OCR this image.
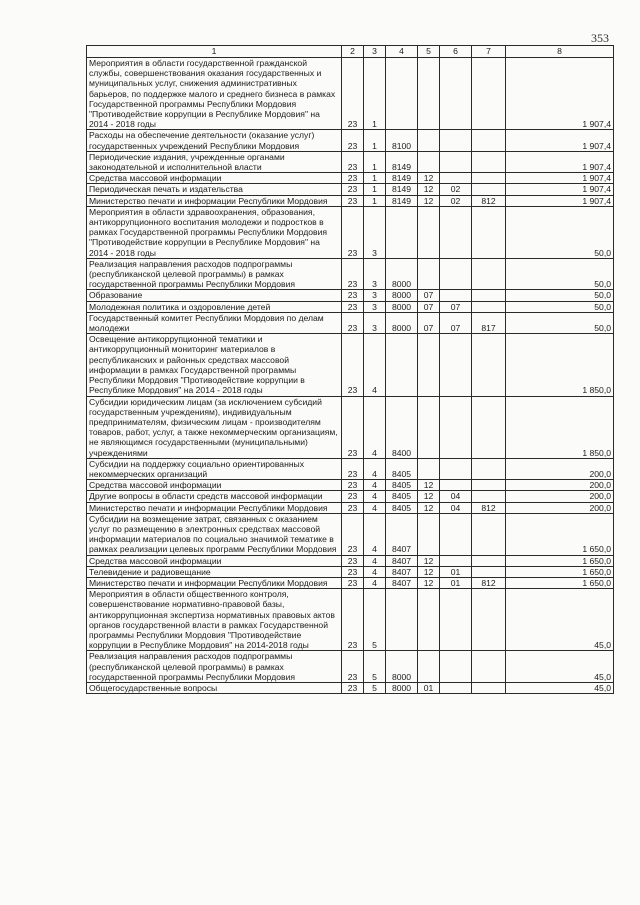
353
1	2	3	4	5	6	7	8
Мероприятия в области государственной гражданской службы, совершенствования оказания государственных и муниципальных услуг, снижения административных барьеров, по поддержке малого и среднего бизнеса в рамках Государственной программы Республики Мордовия "Противодействие коррупции в Республике Мордовия" на 2014 - 2018 годы	23	1					1 907,4
Расходы на обеспечение деятельности (оказание услуг) государственных учреждений Республики Мордовия	23	1	8100				1 907,4
Периодические издания, учрежденные органами законодательной и исполнительной власти	23	1	8149				1 907,4
Средства массовой информации	23	1	8149	12			1 907,4
Периодическая печать и издательства	23	1	8149	12	02		1 907,4
Министерство печати и информации Республики Мордовия	23	1	8149	12	02	812	1 907,4
Мероприятия в области здравоохранения, образования, антикоррупционного воспитания молодежи и подростков в рамках Государственной программы Республики Мордовия "Противодействие коррупции в Республике Мордовия" на 2014 - 2018 годы	23	3					50,0
Реализация направления расходов подпрограммы (республиканской целевой программы) в рамках государственной программы Республики Мордовия	23	3	8000				50,0
Образование	23	3	8000	07			50,0
Молодежная политика и оздоровление детей	23	3	8000	07	07		50,0
Государственный комитет Республики Мордовия по делам молодежи	23	3	8000	07	07	817	50,0
Освещение антикоррупционной тематики и антикоррупционный мониторинг материалов в республиканских и районных средствах массовой информации в рамках Государственной программы Республики Мордовия "Противодействие коррупции в Республике Мордовия" на 2014 - 2018 годы	23	4					1 850,0
Субсидии юридическим лицам (за исключением субсидий государственным учреждениям), индивидуальным предпринимателям, физическим лицам - производителям товаров, работ, услуг, а также некоммерческим организациям, не являющимся государственными (муниципальными) учреждениями	23	4	8400				1 850,0
Субсидии на поддержку социально ориентированных некоммерческих организаций	23	4	8405				200,0
Средства массовой информации	23	4	8405	12			200,0
Другие вопросы в области средств массовой информации	23	4	8405	12	04		200,0
Министерство печати и информации Республики Мордовия	23	4	8405	12	04	812	200,0
Субсидии на возмещение затрат, связанных с оказанием услуг по размещению в электронных средствах массовой информации материалов по социально значимой тематике в рамках реализации целевых программ Республики Мордовия	23	4	8407				1 650,0
Средства массовой информации	23	4	8407	12			1 650,0
Телевидение и радиовещание	23	4	8407	12	01		1 650,0
Министерство печати и информации Республики Мордовия	23	4	8407	12	01	812	1 650,0
Мероприятия в области общественного контроля, совершенствование нормативно-правовой базы, антикоррупционная экспертиза нормативных правовых актов органов государственной власти в рамках Государственной программы Республики Мордовия "Противодействие коррупции в Республике Мордовия" на 2014-2018 годы	23	5					45,0
Реализация направления расходов подпрограммы (республиканской целевой программы) в рамках государственной программы Республики Мордовия	23	5	8000				45,0
Общегосударственные вопросы	23	5	8000	01			45,0
